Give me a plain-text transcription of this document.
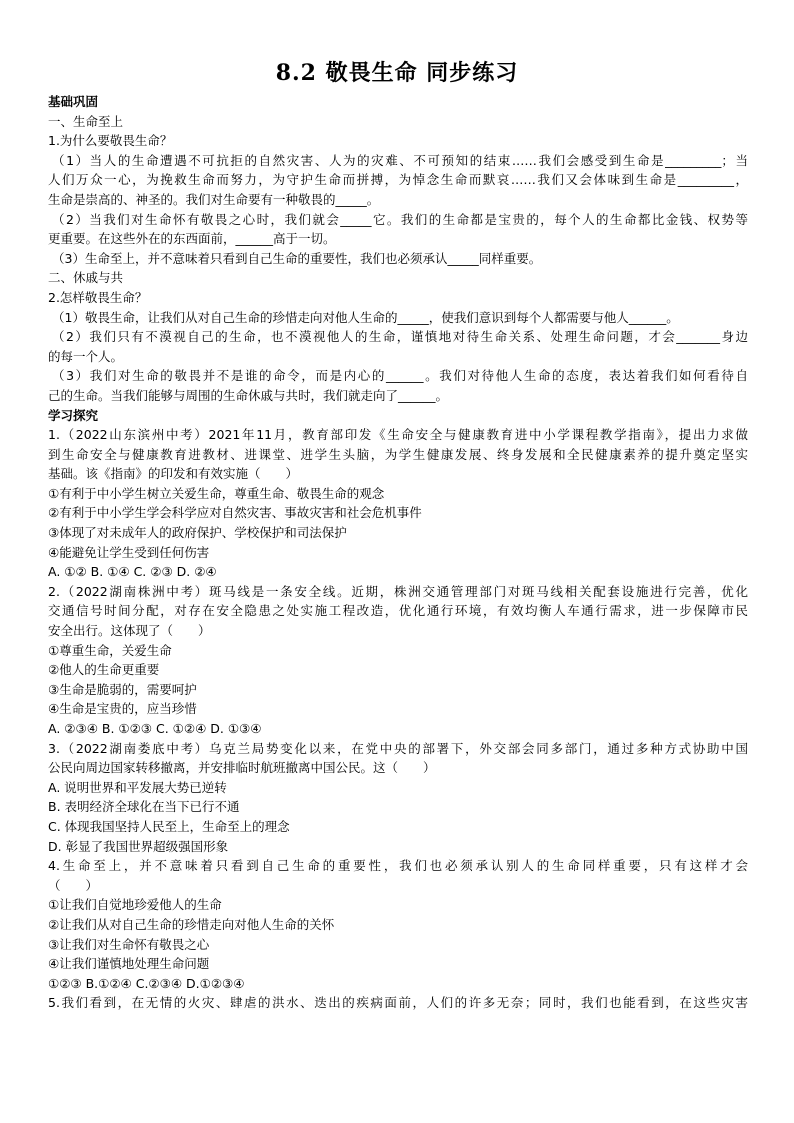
8.2 敬畏生命 同步练习
基础巩固
一、生命至上
1.为什么要敬畏生命？
（1）当人的生命遭遇不可抗拒的自然灾害、人为的灾难、不可预知的结束……我们会感受到生命是_________；当
人们万众一心，为挽救生命而努力，为守护生命而拼搏，为悼念生命而默哀……我们又会体味到生命是_________，
生命是崇高的、神圣的。我们对生命要有一种敬畏的_____。
（2）当我们对生命怀有敬畏之心时，我们就会_____它。我们的生命都是宝贵的，每个人的生命都比金钱、权势等
更重要。在这些外在的东西面前，______高于一切。
（3）生命至上，并不意味着只看到自己生命的重要性，我们也必须承认_____同样重要。
二、休戚与共
2.怎样敬畏生命？
（1）敬畏生命，让我们从对自己生命的珍惜走向对他人生命的_____，使我们意识到每个人都需要与他人______。
（2）我们只有不漠视自己的生命，也不漠视他人的生命，谨慎地对待生命关系、处理生命问题，才会_______身边
的每一个人。
（3）我们对生命的敬畏并不是谁的命令，而是内心的______。我们对待他人生命的态度，表达着我们如何看待自
己的生命。当我们能够与周围的生命休戚与共时，我们就走向了______。
学习探究
1.（2022山东滨州中考）2021年11月，教育部印发《生命安全与健康教育进中小学课程教学指南》，提出力求做
到生命安全与健康教育进教材、进课堂、进学生头脑，为学生健康发展、终身发展和全民健康素养的提升奠定坚实
基础。该《指南》的印发和有效实施（　　）
①有利于中小学生树立关爱生命，尊重生命、敬畏生命的观念
②有利于中小学生学会科学应对自然灾害、事故灾害和社会危机事件
③体现了对未成年人的政府保护、学校保护和司法保护
④能避免让学生受到任何伤害
A. ①② B. ①④ C. ②③ D. ②④
2.（2022湖南株洲中考）斑马线是一条安全线。近期，株洲交通管理部门对斑马线相关配套设施进行完善，优化
交通信号时间分配，对存在安全隐患之处实施工程改造，优化通行环境，有效均衡人车通行需求，进一步保障市民
安全出行。这体现了（　　）
①尊重生命，关爱生命
②他人的生命更重要
③生命是脆弱的，需要呵护
④生命是宝贵的，应当珍惜
A. ②③④ B. ①②③ C. ①②④ D. ①③④
3.（2022湖南娄底中考）乌克兰局势变化以来，在党中央的部署下，外交部会同多部门，通过多种方式协助中国
公民向周边国家转移撤离，并安排临时航班撤离中国公民。这（　　）
A. 说明世界和平发展大势已逆转
B. 表明经济全球化在当下已行不通
C. 体现我国坚持人民至上，生命至上的理念
D. 彰显了我国世界超级强国形象
4.生命至上，并不意味着只看到自己生命的重要性，我们也必须承认别人的生命同样重要，只有这样才会
（　　）
①让我们自觉地珍爱他人的生命
②让我们从对自己生命的珍惜走向对他人生命的关怀
③让我们对生命怀有敬畏之心
④让我们谨慎地处理生命问题
①②③ B.①②④ C.②③④ D.①②③④
5.我们看到，在无情的火灾、肆虐的洪水、迭出的疾病面前，人们的许多无奈；同时，我们也能看到，在这些灾害
